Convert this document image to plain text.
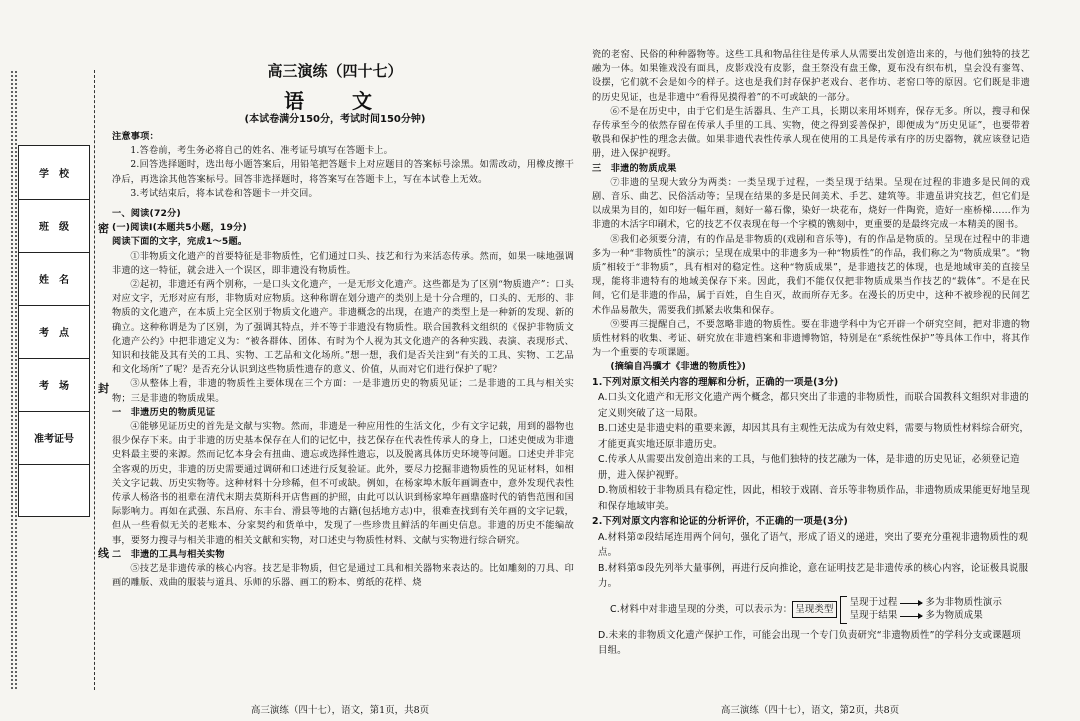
学　校
班　级
姓　名
考　点
考　场
准考证号
密
封
线
高三演练（四十七）
语　文
(本试卷满分150分，考试时间150分钟)

注意事项：

1.答卷前，考生务必将自己的姓名、准考证号填写在答题卡上。

2.回答选择题时，选出每小题答案后，用铅笔把答题卡上对应题目的答案标号涂黑。如需改动，用橡皮擦干净后，再选涂其他答案标号。回答非选择题时，将答案写在答题卡上，写在本试卷上无效。

3.考试结束后，将本试卷和答题卡一并交回。

一、阅读(72分)

(一)阅读Ⅰ(本题共5小题，19分)

阅读下面的文字，完成1～5题。

①非物质文化遗产的首要特征是非物质性，它们通过口头、技艺和行为来活态传承。然而，如果一味地强调非遗的这一特征，就会进入一个误区，即非遗没有物质性。

②起初，非遗还有两个别称，一是口头文化遗产，一是无形文化遗产。这些都是为了区别“物质遗产”：口头对应文字，无形对应有形，非物质对应物质。这种称谓在划分遗产的类别上是十分合理的，口头的、无形的、非物质的文化遗产，在本质上完全区别于物质文化遗产。非遗概念的出现，在遗产的类型上是一种新的发现、新的确立。这种称谓是为了区别，为了强调其特点，并不等于非遗没有物质性。联合国教科文组织的《保护非物质文化遗产公约》中把非遗定义为：“被各群体、团体、有时为个人视为其文化遗产的各种实践、表演、表现形式、知识和技能及其有关的工具、实物、工艺品和文化场所。”想一想，我们是否关注到“有关的工具、实物、工艺品和文化场所”了呢？是否充分认识到这些物质性遗存的意义、价值，从而对它们进行保护了呢？

③从整体上看，非遗的物质性主要体现在三个方面：一是非遗历史的物质见证；二是非遗的工具与相关实物；三是非遗的物质成果。

一　非遗历史的物质见证

④能够见证历史的首先是文献与实物。然而，非遗是一种应用性的生活文化，少有文字记载，用到的器物也很少保存下来。由于非遗的历史基本保存在人们的记忆中，技艺保存在代表性传承人的身上，口述史便成为非遗史料最主要的来源。然而记忆本身会有扭曲、遗忘或选择性遗忘，以及脱离具体历史环境等问题。口述史并非完全客观的历史，非遗的历史需要通过调研和口述进行反复验证。此外，要尽力挖掘非遗物质性的见证材料，如相关文字记载、历史实物等。这种材料十分珍稀，但不可或缺。例如，在杨家埠木版年画调查中，意外发现代表性传承人杨洛书的祖辈在清代末期去莫斯科开店售画的护照，由此可以认识到杨家埠年画鼎盛时代的销售范围和国际影响力。再如在武强、东昌府、东丰台、滑县等地的古籍(包括地方志)中，很难查找到有关年画的文字记载，但从一些看似无关的老账本、分家契约和货单中，发现了一些珍贵且鲜活的年画史信息。非遗的历史不能编故事，要努力搜寻与相关非遗的相关文献和实物，对口述史与物质性材料、文献与实物进行综合研究。

二　非遗的工具与相关实物

⑤技艺是非遗传承的核心内容。技艺是非物质，但它是通过工具和相关器物来表达的。比如雕刻的刀具、印画的雕版、戏曲的服装与道具、乐师的乐器、画工的粉本、剪纸的花样、烧

瓷的老窑、民俗的种种器物等。这些工具和物品往往是传承人从需要出发创造出来的，与他们独特的技艺融为一体。如果锥戏没有面具，皮影戏没有皮影，盘王祭没有盘王像，夏布没有织布机，皇会没有銮驾、设摆，它们就不会是如今的样子。这也是我们封存保护老戏台、老作坊、老窑口等的原因。它们既是非遗的历史见证，也是非遗中“看得见摸得着”的不可或缺的一部分。

⑥不是在历史中，由于它们是生活器具、生产工具，长期以来用坏则弃，保存无多。所以，搜寻和保存传承至今的依然存留在传承人手里的工具、实物，使之得到妥善保护，即便成为“历史见证”，也要带着敬畏和保护性的理念去做。如果非遗代表性传承人现在使用的工具是传承有序的历史器物，就应该登记造册，进入保护视野。

三　非遗的物质成果

⑦非遗的呈现大致分为两类：一类呈现于过程，一类呈现于结果。呈现在过程的非遗多是民间的戏剧、音乐、曲艺、民俗活动等；呈现在结果的多是民间美术、手艺、建筑等。非遗虽讲究技艺，但它们是以成果为目的，如印好一幅年画，刻好一幕石像，染好一块花布，烧好一件陶瓷，造好一座桥梯……作为非遗的木活字印刷术，它的技艺不仅表现在每一个字模的镌刻中，更重要的是最终完成一本精美的图书。

⑧我们必须要分清，有的作品是非物质的(戏剧和音乐等)，有的作品是物质的。呈现在过程中的非遗多为一种“非物质性”的演示；呈现在成果中的非遗多为一种“物质性”的作品，我们称之为“物质成果”。“物质”相较于“非物质”，具有相对的稳定性。这种“物质成果”，是非遗技艺的体现，也是地域审美的直接呈现，能将非遗特有的地域美保存下来。因此，我们不能仅仅把非物质成果当作技艺的“载体”。不是在民间，它们是非遗的作品，属于百姓，自生自灭，故而所存无多。在漫长的历史中，这种不被珍视的民间艺术作品易散失，需要我们抓紧去收集和保存。

⑨要再三提醒自己，不要忽略非遗的物质性。要在非遗学科中为它开辟一个研究空间，把对非遗的物质性材料的收集、考证、研究放在非遗档案和非遗博物馆，特别是在“系统性保护”等具体工作中，将其作为一个重要的专项课题。

(摘编自冯骥才《非遗的物质性》)

1.下列对原文相关内容的理解和分析，正确的一项是(3分)
A.口头文化遗产和无形文化遗产两个概念，都只突出了非遗的非物质性，而联合国教科文组织对非遗的定义则突破了这一局限。
B.口述史是非遗史料的重要来源，却因其具有主观性无法成为有效史料，需要与物质性材料综合研究，才能更真实地还原非遗历史。
C.传承人从需要出发创造出来的工具，与他们独特的技艺融为一体，是非遗的历史见证，必须登记造册，进入保护视野。
D.物质相较于非物质具有稳定性，因此，相较于戏剧、音乐等非物质作品，非遗物质成果能更好地呈现和保存地域审美。
2.下列对原文内容和论证的分析评价，不正确的一项是(3分)
A.材料第②段结尾连用两个问句，强化了语气，形成了语义的递进，突出了要充分重视非遗物质性的观点。
B.材料第⑤段先列举大量事例，再进行反向推论，意在证明技艺是非遗传承的核心内容，论证极具说服力。
C.材料中对非遗呈现的分类，可以表示为： 呈现类型
呈现于过程	多为非物质性演示
呈现于结果	多为物质成果
D.未来的非物质文化遗产保护工作，可能会出现一个专门负责研究“非遗物质性”的学科分支或课题项目组。
高三演练（四十七），语文，第1页，共8页	高三演练（四十七），语文，第2页，共8页
